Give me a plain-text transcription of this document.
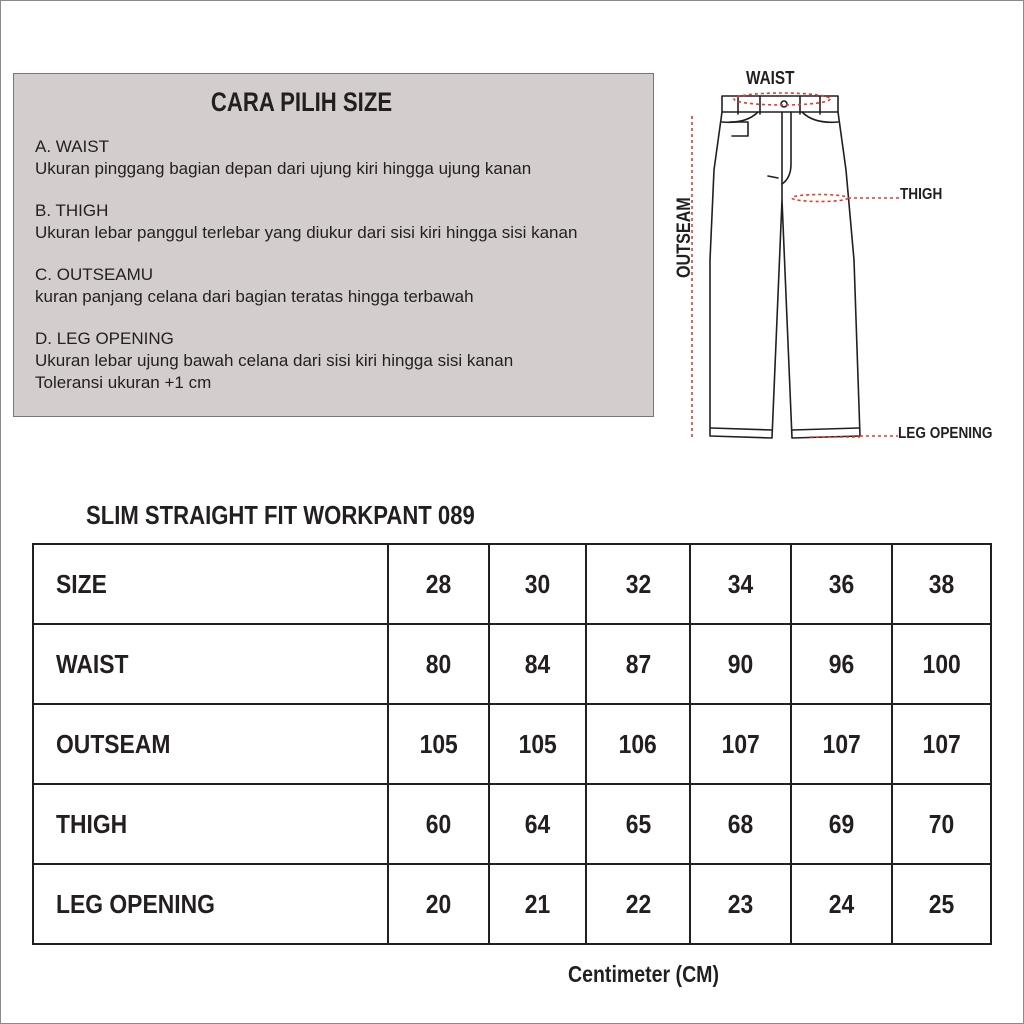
CARA PILIH SIZE
A. WAIST
Ukuran pinggang bagian depan dari ujung kiri hingga ujung kanan
B. THIGH
Ukuran lebar panggul terlebar yang diukur dari sisi kiri hingga sisi kanan
C. OUTSEAMU
kuran panjang celana dari bagian teratas hingga terbawah
D. LEG OPENING
Ukuran lebar ujung bawah celana dari sisi kiri hingga sisi kanan
Toleransi ukuran +1 cm
WAIST
THIGH
OUTSEAM
LEG OPENING
SLIM STRAIGHT FIT WORKPANT 089
SIZE	28	30	32	34	36	38
WAIST	80	84	87	90	96	100
OUTSEAM	105	105	106	107	107	107
THIGH	60	64	65	68	69	70
LEG OPENING	20	21	22	23	24	25
Centimeter (CM)
